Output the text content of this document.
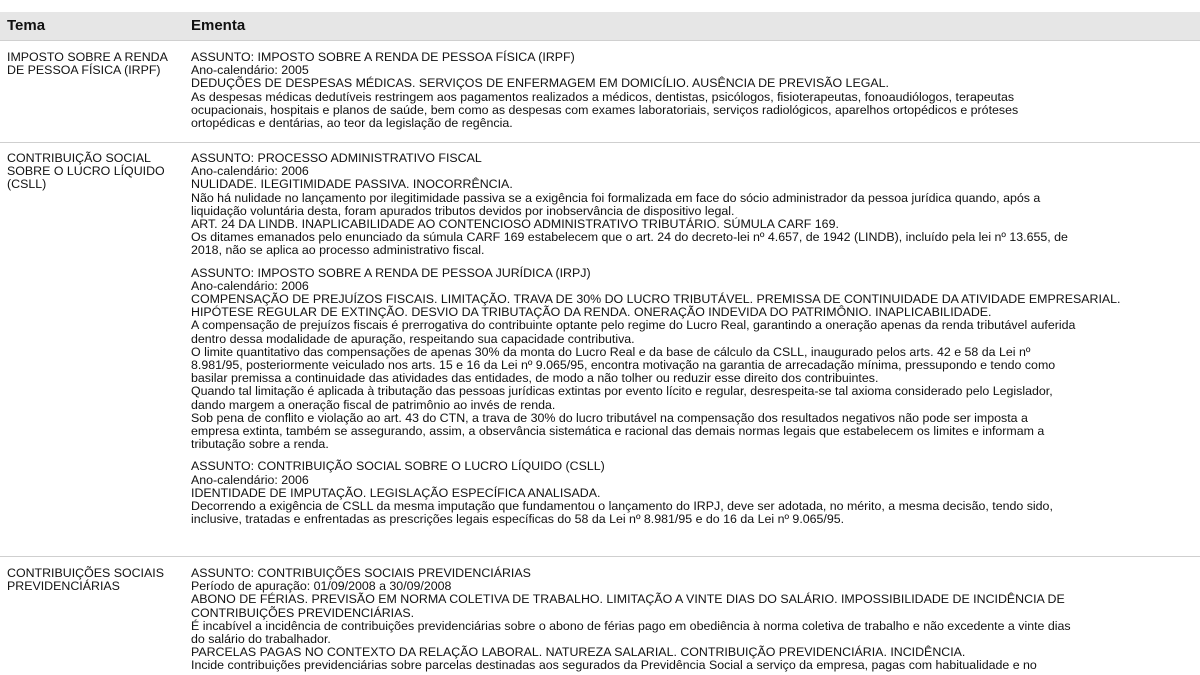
Tema	Ementa
IMPOSTO SOBRE A RENDA
DE PESSOA FÍSICA (IRPF)
ASSUNTO: IMPOSTO SOBRE A RENDA DE PESSOA FÍSICA (IRPF)
Ano-calendário: 2005
DEDUÇÕES DE DESPESAS MÉDICAS. SERVIÇOS DE ENFERMAGEM EM DOMICÍLIO. AUSÊNCIA DE PREVISÃO LEGAL.
As despesas médicas dedutíveis restringem aos pagamentos realizados a médicos, dentistas, psicólogos, fisioterapeutas, fonoaudiólogos, terapeutas
ocupacionais, hospitais e planos de saúde, bem como as despesas com exames laboratoriais, serviços radiológicos, aparelhos ortopédicos e próteses
ortopédicas e dentárias, ao teor da legislação de regência.
CONTRIBUIÇÃO SOCIAL
SOBRE O LUCRO LÍQUIDO
(CSLL)
ASSUNTO: PROCESSO ADMINISTRATIVO FISCAL
Ano-calendário: 2006
NULIDADE. ILEGITIMIDADE PASSIVA. INOCORRÊNCIA.
Não há nulidade no lançamento por ilegitimidade passiva se a exigência foi formalizada em face do sócio administrador da pessoa jurídica quando, após a
liquidação voluntária desta, foram apurados tributos devidos por inobservância de dispositivo legal.
ART. 24 DA LINDB. INAPLICABILIDADE AO CONTENCIOSO ADMINISTRATIVO TRIBUTÁRIO. SÚMULA CARF 169.
Os ditames emanados pelo enunciado da súmula CARF 169 estabelecem que o art. 24 do decreto-lei nº 4.657, de 1942 (LINDB), incluído pela lei nº 13.655, de
2018, não se aplica ao processo administrativo fiscal.
ASSUNTO: IMPOSTO SOBRE A RENDA DE PESSOA JURÍDICA (IRPJ)
Ano-calendário: 2006
COMPENSAÇÃO DE PREJUÍZOS FISCAIS. LIMITAÇÃO. TRAVA DE 30% DO LUCRO TRIBUTÁVEL. PREMISSA DE CONTINUIDADE DA ATIVIDADE EMPRESARIAL.
HIPÓTESE REGULAR DE EXTINÇÃO. DESVIO DA TRIBUTAÇÃO DA RENDA. ONERAÇÃO INDEVIDA DO PATRIMÔNIO. INAPLICABILIDADE.
A compensação de prejuízos fiscais é prerrogativa do contribuinte optante pelo regime do Lucro Real, garantindo a oneração apenas da renda tributável auferida
dentro dessa modalidade de apuração, respeitando sua capacidade contributiva.
O limite quantitativo das compensações de apenas 30% da monta do Lucro Real e da base de cálculo da CSLL, inaugurado pelos arts. 42 e 58 da Lei nº
8.981/95, posteriormente veiculado nos arts. 15 e 16 da Lei nº 9.065/95, encontra motivação na garantia de arrecadação mínima, pressupondo e tendo como
basilar premissa a continuidade das atividades das entidades, de modo a não tolher ou reduzir esse direito dos contribuintes.
Quando tal limitação é aplicada à tributação das pessoas jurídicas extintas por evento lícito e regular, desrespeita-se tal axioma considerado pelo Legislador,
dando margem a oneração fiscal de patrimônio ao invés de renda.
Sob pena de conflito e violação ao art. 43 do CTN, a trava de 30% do lucro tributável na compensação dos resultados negativos não pode ser imposta a
empresa extinta, também se assegurando, assim, a observância sistemática e racional das demais normas legais que estabelecem os limites e informam a
tributação sobre a renda.
ASSUNTO: CONTRIBUIÇÃO SOCIAL SOBRE O LUCRO LÍQUIDO (CSLL)
Ano-calendário: 2006
IDENTIDADE DE IMPUTAÇÃO. LEGISLAÇÃO ESPECÍFICA ANALISADA.
Decorrendo a exigência de CSLL da mesma imputação que fundamentou o lançamento do IRPJ, deve ser adotada, no mérito, a mesma decisão, tendo sido,
inclusive, tratadas e enfrentadas as prescrições legais específicas do 58 da Lei nº 8.981/95 e do 16 da Lei nº 9.065/95.
CONTRIBUIÇÕES SOCIAIS
PREVIDENCIÁRIAS
ASSUNTO: CONTRIBUIÇÕES SOCIAIS PREVIDENCIÁRIAS
Período de apuração: 01/09/2008 a 30/09/2008
ABONO DE FÉRIAS. PREVISÃO EM NORMA COLETIVA DE TRABALHO. LIMITAÇÃO A VINTE DIAS DO SALÁRIO. IMPOSSIBILIDADE DE INCIDÊNCIA DE
CONTRIBUIÇÕES PREVIDENCIÁRIAS.
É incabível a incidência de contribuições previdenciárias sobre o abono de férias pago em obediência à norma coletiva de trabalho e não excedente a vinte dias
do salário do trabalhador.
PARCELAS PAGAS NO CONTEXTO DA RELAÇÃO LABORAL. NATUREZA SALARIAL. CONTRIBUIÇÃO PREVIDENCIÁRIA. INCIDÊNCIA.
Incide contribuições previdenciárias sobre parcelas destinadas aos segurados da Previdência Social a serviço da empresa, pagas com habitualidade e no
